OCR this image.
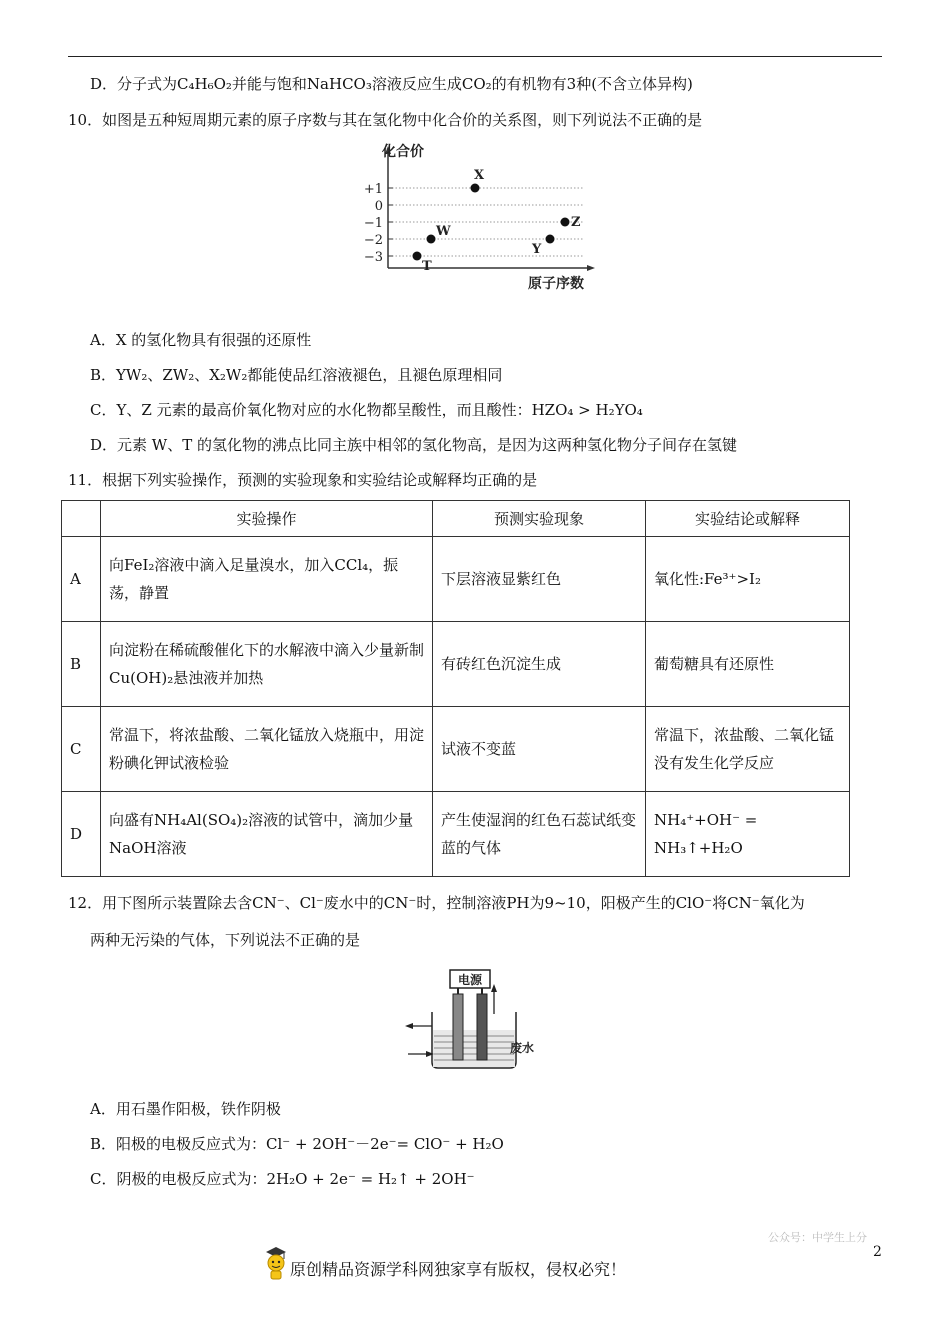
D．分子式为C₄H₆O₂并能与饱和NaHCO₃溶液反应生成CO₂的有机物有3种(不含立体异构)
10．如图是五种短周期元素的原子序数与其在氢化物中化合价的关系图，则下列说法不正确的是
化合价
原子序数
+1
0
−1
−2
−3
T
W
X
Y
Z
A．X 的氢化物具有很强的还原性
B．YW₂、ZW₂、X₂W₂都能使品红溶液褪色，且褪色原理相同
C．Y、Z 元素的最高价氧化物对应的水化物都呈酸性，而且酸性：HZO₄ > H₂YO₄
D．元素 W、T 的氢化物的沸点比同主族中相邻的氢化物高，是因为这两种氢化物分子间存在氢键
11．根据下列实验操作，预测的实验现象和实验结论或解释均正确的是
	实验操作	预测实验现象	实验结论或解释
A	向FeI₂溶液中滴入足量溴水，加入CCl₄，振荡，静置	下层溶液显紫红色	氧化性:Fe³⁺>I₂
B	向淀粉在稀硫酸催化下的水解液中滴入少量新制Cu(OH)₂悬浊液并加热	有砖红色沉淀生成	葡萄糖具有还原性
C	常温下，将浓盐酸、二氧化锰放入烧瓶中，用淀粉碘化钾试液检验	试液不变蓝	常温下，浓盐酸、二氧化锰没有发生化学反应
D	向盛有NH₄Al(SO₄)₂溶液的试管中，滴加少量NaOH溶液	产生使湿润的红色石蕊试纸变蓝的气体	NH₄⁺+OH⁻ = NH₃↑+H₂O
12．用下图所示装置除去含CN⁻、Cl⁻废水中的CN⁻时，控制溶液PH为9~10，阳极产生的ClO⁻将CN⁻氧化为
两种无污染的气体，下列说法不正确的是
电源
废水
A．用石墨作阳极，铁作阴极
B．阳极的电极反应式为：Cl⁻ + 2OH⁻－2e⁻= ClO⁻ + H₂O
C．阴极的电极反应式为：2H₂O + 2e⁻ = H₂↑ + 2OH⁻
公众号：中学生上分
2
原创精品资源学科网独家享有版权，侵权必究！
